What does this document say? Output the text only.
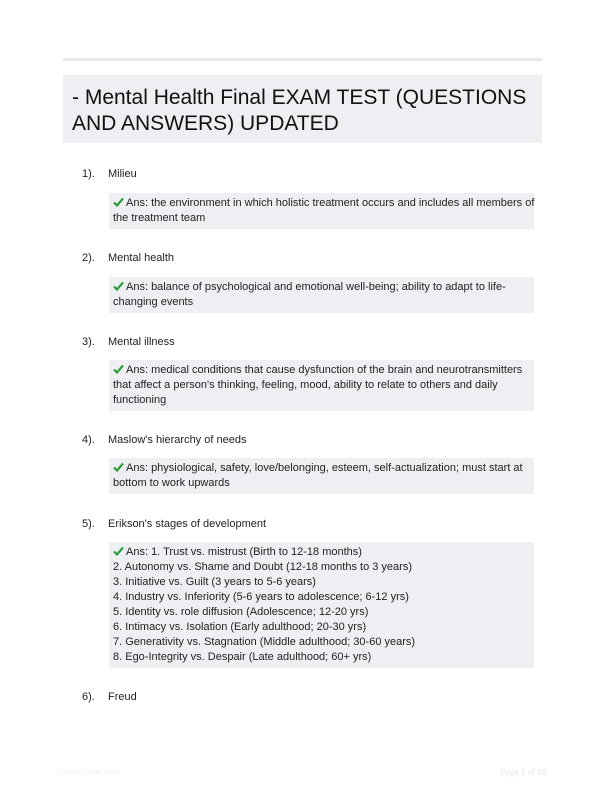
- Mental Health Final EXAM TEST (QUESTIONS
AND ANSWERS) UPDATED
1). Milieu
Ans: the environment in which holistic treatment occurs and includes all members of
the treatment team
2). Mental health
Ans: balance of psychological and emotional well-being; ability to adapt to life-
changing events
3). Mental illness
Ans: medical conditions that cause dysfunction of the brain and neurotransmitters
that affect a person's thinking, feeling, mood, ability to relate to others and daily
functioning
4). Maslow's hierarchy of needs
Ans: physiological, safety, love/belonging, esteem, self-actualization; must start at
bottom to work upwards
5). Erikson's stages of development
Ans: 1. Trust vs. mistrust (Birth to 12-18 months)
2. Autonomy vs. Shame and Doubt (12-18 months to 3 years)
3. Initiative vs. Guilt (3 years to 5-6 years)
4. Industry vs. Inferiority (5-6 years to adolescence; 6-12 yrs)
5. Identity vs. role diffusion (Adolescence; 12-20 yrs)
6. Intimacy vs. Isolation (Early adulthood; 20-30 yrs)
7. Generativity vs. Stagnation (Middle adulthood; 30-60 years)
8. Ego-Integrity vs. Despair (Late adulthood; 60+ yrs)
6). Freud
PaperSlide.com	Page 1 of 18
